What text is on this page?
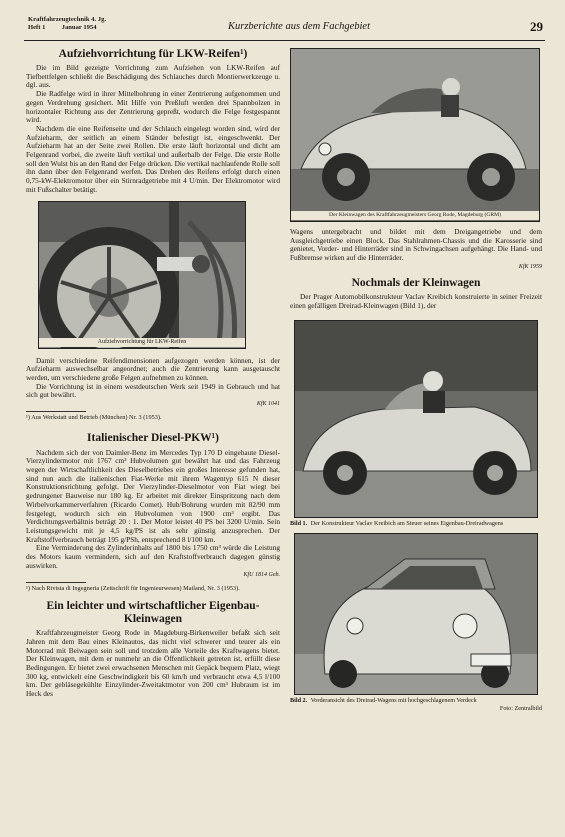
Kraftfahrzeugtechnik 4. Jg.
Heft 1 Januar 1954	Kurzberichte aus dem Fachgebiet	29
Aufziehvorrichtung für LKW-Reifen¹)

Die im Bild gezeigte Vorrichtung zum Aufziehen von LKW-Reifen auf Tiefbettfelgen schließt die Beschädigung des Schlauches durch Montierwerkzeuge u. dgl. aus.

Die Radfelge wird in ihrer Mittelbohrung in einer Zentrierung aufgenommen und gegen Verdrehung gesichert. Mit Hilfe von Preßluft werden drei Spannbolzen in horizontaler Richtung aus der Zentrierung gepreßt, wodurch die Felge festgespannt wird.

Nachdem die eine Reifenseite und der Schlauch eingelegt worden sind, wird der Aufzieharm, der seitlich an einem Ständer befestigt ist, eingeschwenkt. Der Aufzieharm hat an der Seite zwei Rollen. Die erste läuft horizontal und dicht am Felgenrand vorbei, die zweite läuft vertikal und außerhalb der Felge. Die erste Rolle soll den Wulst bis an den Rand der Felge drücken. Die vertikal nachlaufende Rolle soll ihn dann über den Felgenrand werfen. Das Drehen des Reifens erfolgt durch einen 0,75-kW-Elektromotor über ein Stirnradgetriebe mit 4 U/min. Der Elektromotor wird mit Fußschalter betätigt.

Aufziehvorrichtung für LKW-Reifen

Damit verschiedene Reifendimensionen aufgezogen werden können, ist der Aufzieharm auswechselbar angeordnet; auch die Zentrierung kann ausgetauscht werden, um verschiedene große Felgen aufnehmen zu können.

Die Vorrichtung ist in einem westdeutschen Werk seit 1949 in Gebrauch und hat sich gut bewährt.

KfK 1041

¹) Aus Werkstatt und Betrieb (München) Nr. 3 (1953).

Italienischer Diesel-PKW¹)

Nachdem sich der von Daimler-Benz im Mercedes Typ 170 D eingebaute Diesel-Vierzylindermotor mit 1767 cm³ Hubvolumen gut bewährt hat und das Fahrzeug wegen der Wirtschaftlichkeit des Dieselbetriebes ein großes Interesse gefunden hat, sind nun auch die italienischen Fiat-Werke mit ihrem Wagentyp 615 N dieser Konstruktionsrichtung gefolgt. Der Vierzylinder-Dieselmotor von Fiat wiegt bei gedrungener Bauweise nur 180 kg. Er arbeitet mit direkter Einspritzung nach dem Wirbelvorkammerverfahren (Ricardo Comet). Hub/Bohrung wurden mit 82/90 mm festgelegt, wodurch sich ein Hubvolumen von 1900 cm³ ergibt. Das Verdichtungsverhältnis beträgt 20 : 1. Der Motor leistet 40 PS bei 3200 U/min. Sein Leistungsgewicht mit je 4,5 kg/PS ist als sehr günstig anzusprechen. Der Kraftstoffverbrauch beträgt 195 g/PSh, entsprechend 8 l/100 km.

Eine Verminderung des Zylinderinhalts auf 1800 bis 1750 cm³ würde die Leistung des Motors kaum vermindern, sich auf den Kraftstoffverbrauch dagegen günstig auswirken.

KfU 1814 Geb.

¹) Nach Rivista di Ingegneria (Zeitschrift für Ingenieurwesen) Mailand, Nr. 3 (1953).

Ein leichter und wirtschaftlicher Eigenbau-
Kleinwagen

Kraftfahrzeugmeister Georg Rode in Magdeburg-Birkenweiler befaßt sich seit Jahren mit dem Bau eines Kleinautos, das nicht viel schwerer und teurer als ein Motorrad mit Beiwagen sein soll und trotzdem alle Vorteile des Kraftwagens bietet. Der Kleinwagen, mit dem er nunmehr an die Öffentlichkeit getreten ist, erfüllt diese Bedingungen. Er bietet zwei erwachsenen Menschen mit Gepäck bequem Platz, wiegt 300 kg, entwickelt eine Geschwindigkeit bis 60 km/h und verbraucht etwa 4,5 l/100 km. Der gebläsegekühlte Einzylinder-Zweitaktmotor von 200 cm³ Hubraum ist im Heck des

Der Kleinwagen des Kraftfahrzeugmeisters Georg Rode, Magdeburg (GRM)

Wagens untergebracht und bildet mit dem Dreigangetriebe und dem Ausgleichgetriebe einen Block. Das Stahlrahmen-Chassis und die Karosserie sind genietet, Vorder- und Hinterräder sind in Schwingachsen aufgehängt. Die Hand- und Fußbremse wirken auf die Hinterräder.

KfK 1959

Nochmals der Kleinwagen

Der Prager Automobilkonstrukteur Vaclav Kreibich konstruierte in seiner Freizeit einen gefälligen Dreirad-Kleinwagen (Bild 1), der

Bild 1. Der Konstrukteur Vaclav Kreibich am Steuer seines Eigenbau-Dreiradwagens

Bild 2. Vorderansicht des Dreirad-Wagens mit hochgeschlagenem Verdeck

Foto: Zentralbild
